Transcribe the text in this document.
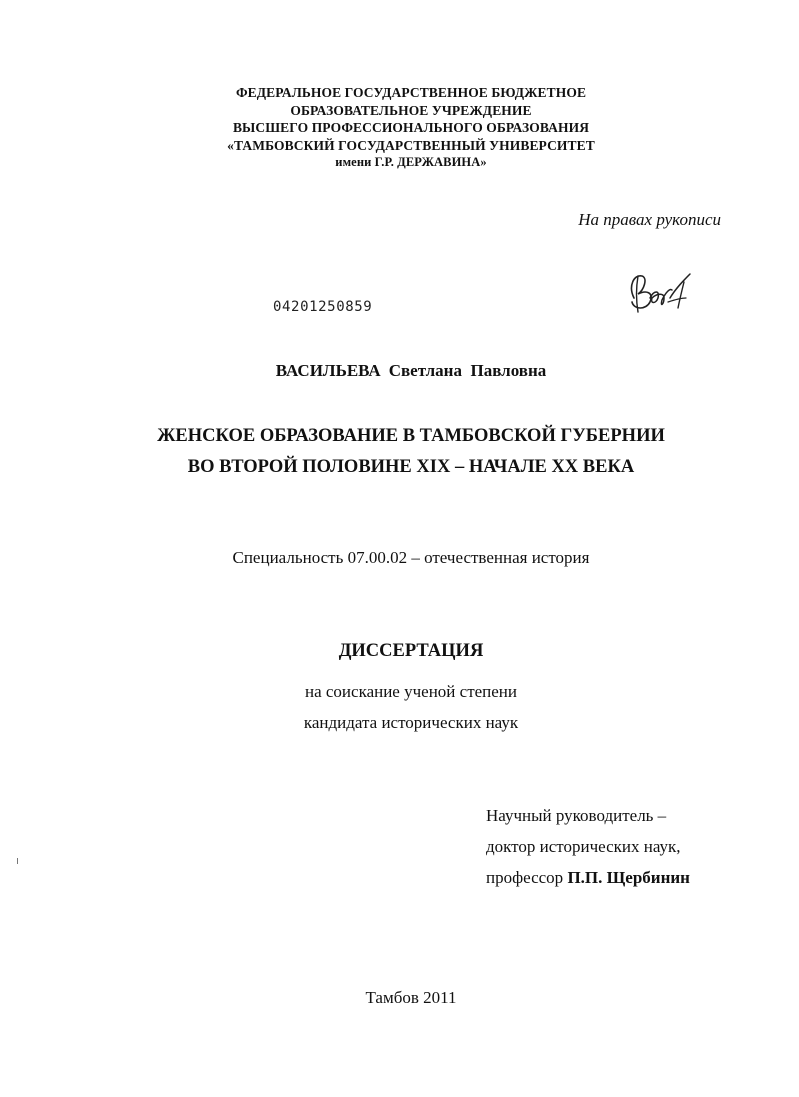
ФЕДЕРАЛЬНОЕ ГОСУДАРСТВЕННОЕ БЮДЖЕТНОЕ
ОБРАЗОВАТЕЛЬНОЕ УЧРЕЖДЕНИЕ
ВЫСШЕГО ПРОФЕССИОНАЛЬНОГО ОБРАЗОВАНИЯ
«ТАМБОВСКИЙ ГОСУДАРСТВЕННЫЙ УНИВЕРСИТЕТ
имени Г.Р. ДЕРЖАВИНА»
На правах рукописи
04201250859
ВАСИЛЬЕВА Светлана  Павловна
ЖЕНСКОЕ ОБРАЗОВАНИЕ В ТАМБОВСКОЙ ГУБЕРНИИ
ВО ВТОРОЙ ПОЛОВИНЕ XIX – НАЧАЛЕ XX ВЕКА
Специальность 07.00.02 – отечественная история
ДИССЕРТАЦИЯ
на соискание ученой степени
кандидата исторических наук
Научный руководитель –
доктор исторических наук,
профессор П.П. Щербинин
Тамбов 2011
